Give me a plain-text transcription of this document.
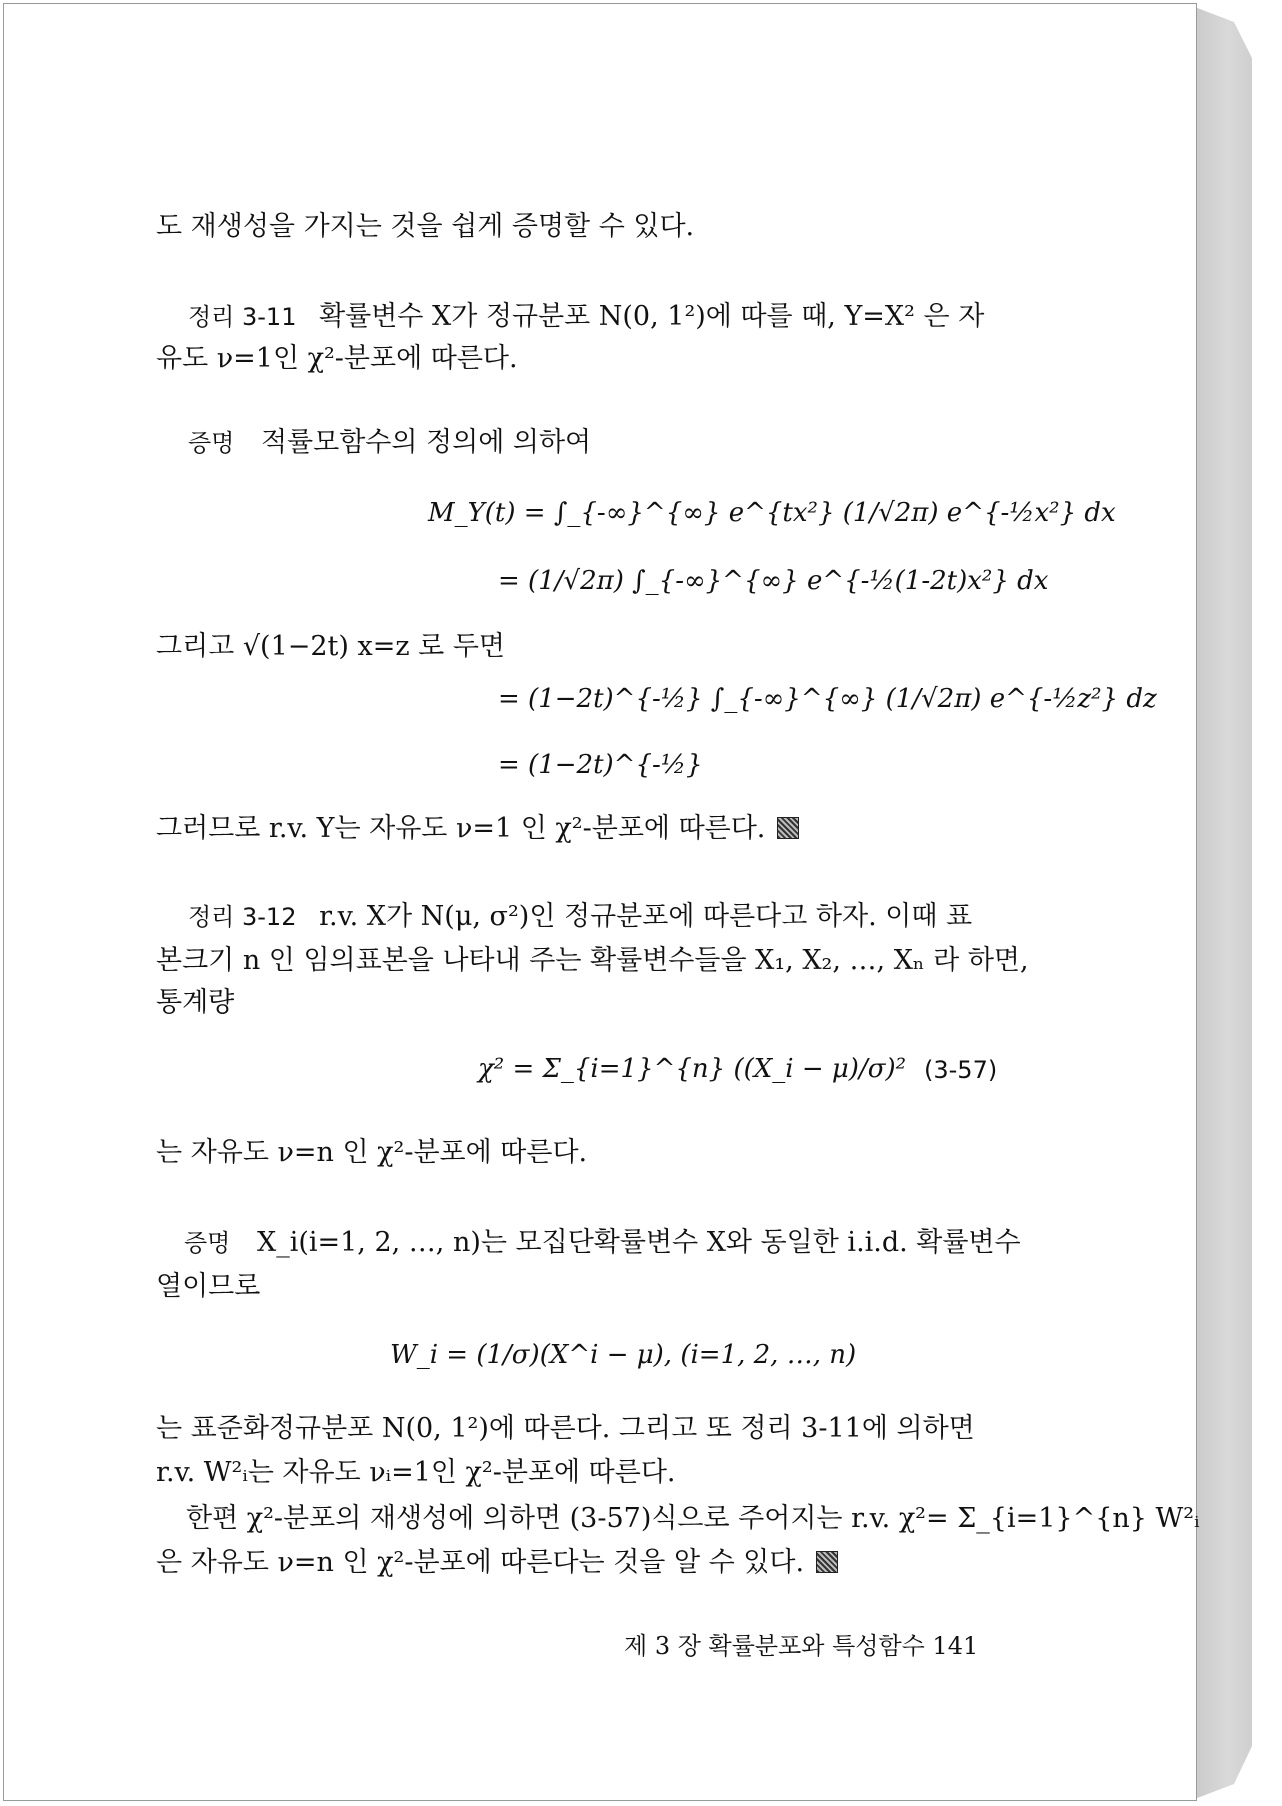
도 재생성을 가지는 것을 쉽게 증명할 수 있다.
정리 3-11 확률변수 X가 정규분포 N(0, 1²)에 따를 때, Y=X² 은 자
유도 ν=1인 χ²-분포에 따른다.
증명 적률모함수의 정의에 의하여
M_Y(t) = ∫_{-∞}^{∞} e^{tx²} (1/√2π) e^{-½x²} dx
= (1/√2π) ∫_{-∞}^{∞} e^{-½(1-2t)x²} dx
그리고 √(1−2t) x=z 로 두면
= (1−2t)^{-½} ∫_{-∞}^{∞} (1/√2π) e^{-½z²} dz
= (1−2t)^{-½}
그러므로 r.v. Y는 자유도 ν=1 인 χ²-분포에 따른다.
정리 3-12 r.v. X가 N(μ, σ²)인 정규분포에 따른다고 하자. 이때 표
본크기 n 인 임의표본을 나타내 주는 확률변수들을 X₁, X₂, …, Xₙ 라 하면,
통계량
χ² = Σ_{i=1}^{n} ((X_i − μ)/σ)² (3-57)
는 자유도 ν=n 인 χ²-분포에 따른다.
증명 X_i(i=1, 2, …, n)는 모집단확률변수 X와 동일한 i.i.d. 확률변수
열이므로
W_i = (1/σ)(X^i − μ), (i=1, 2, …, n)
는 표준화정규분포 N(0, 1²)에 따른다. 그리고 또 정리 3-11에 의하면
r.v. W²ᵢ는 자유도 νᵢ=1인 χ²-분포에 따른다.
한편 χ²-분포의 재생성에 의하면 (3-57)식으로 주어지는 r.v. χ²= Σ_{i=1}^{n} W²ᵢ
은 자유도 ν=n 인 χ²-분포에 따른다는 것을 알 수 있다.
제 3 장 확률분포와 특성함수 141
